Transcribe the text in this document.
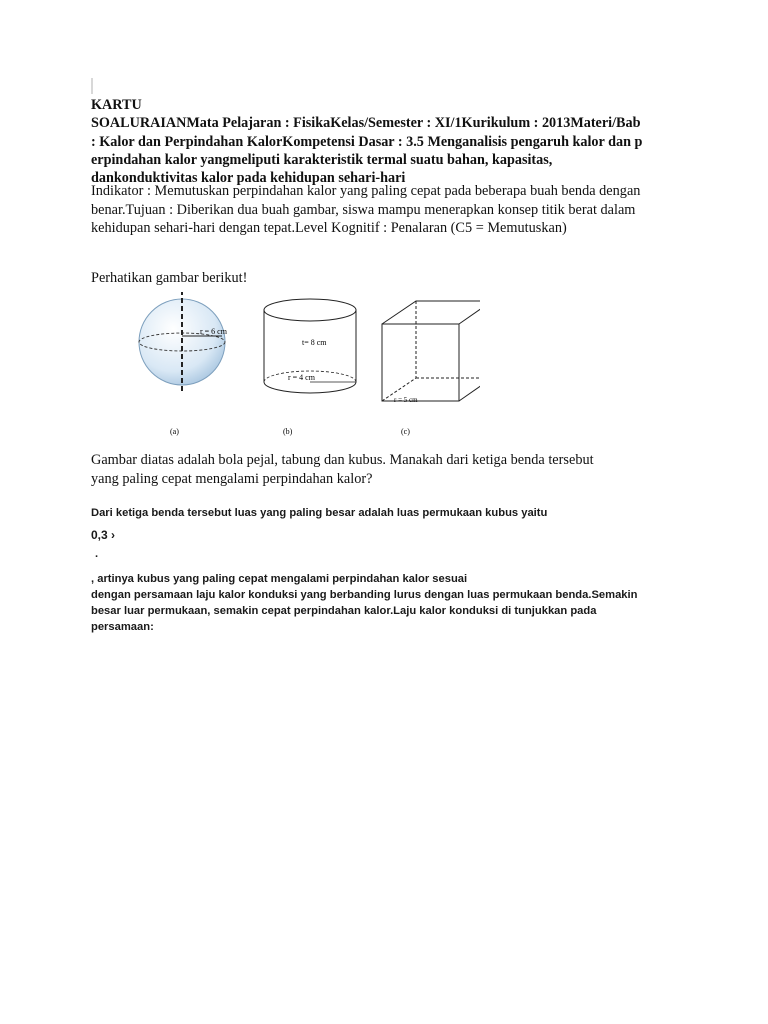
KARTU
SOALURAIANMata Pelajaran : FisikaKelas/Semester : XI/1Kurikulum : 2013Materi/Bab
: Kalor dan Perpindahan KalorKompetensi Dasar : 3.5 Menganalisis pengaruh kalor dan p
erpindahan kalor yangmeliputi karakteristik termal suatu bahan, kapasitas,
dankonduktivitas kalor pada kehidupan sehari-hari
Indikator : Memutuskan perpindahan kalor yang paling cepat pada beberapa buah benda dengan
benar.Tujuan : Diberikan dua buah gambar, siswa mampu menerapkan konsep titik berat dalam
kehidupan sehari-hari dengan tepat.Level Kognitif : Penalaran (C5 = Memutuskan)
Perhatikan gambar berikut!
r = 6 cm
t= 8 cm
r = 4 cm
r = 5 cm
(a)	(b)	(c)
Gambar diatas adalah bola pejal, tabung dan kubus. Manakah dari ketiga benda tersebut
yang paling cepat mengalami perpindahan kalor?
Dari ketiga benda tersebut luas yang paling besar adalah luas permukaan kubus yaitu
0,3 ›
.
, artinya kubus yang paling cepat mengalami perpindahan kalor sesuai
dengan persamaan laju kalor konduksi yang berbanding lurus dengan luas permukaan benda.Semakin
besar luar permukaan, semakin cepat perpindahan kalor.Laju kalor konduksi di tunjukkan pada
persamaan:
